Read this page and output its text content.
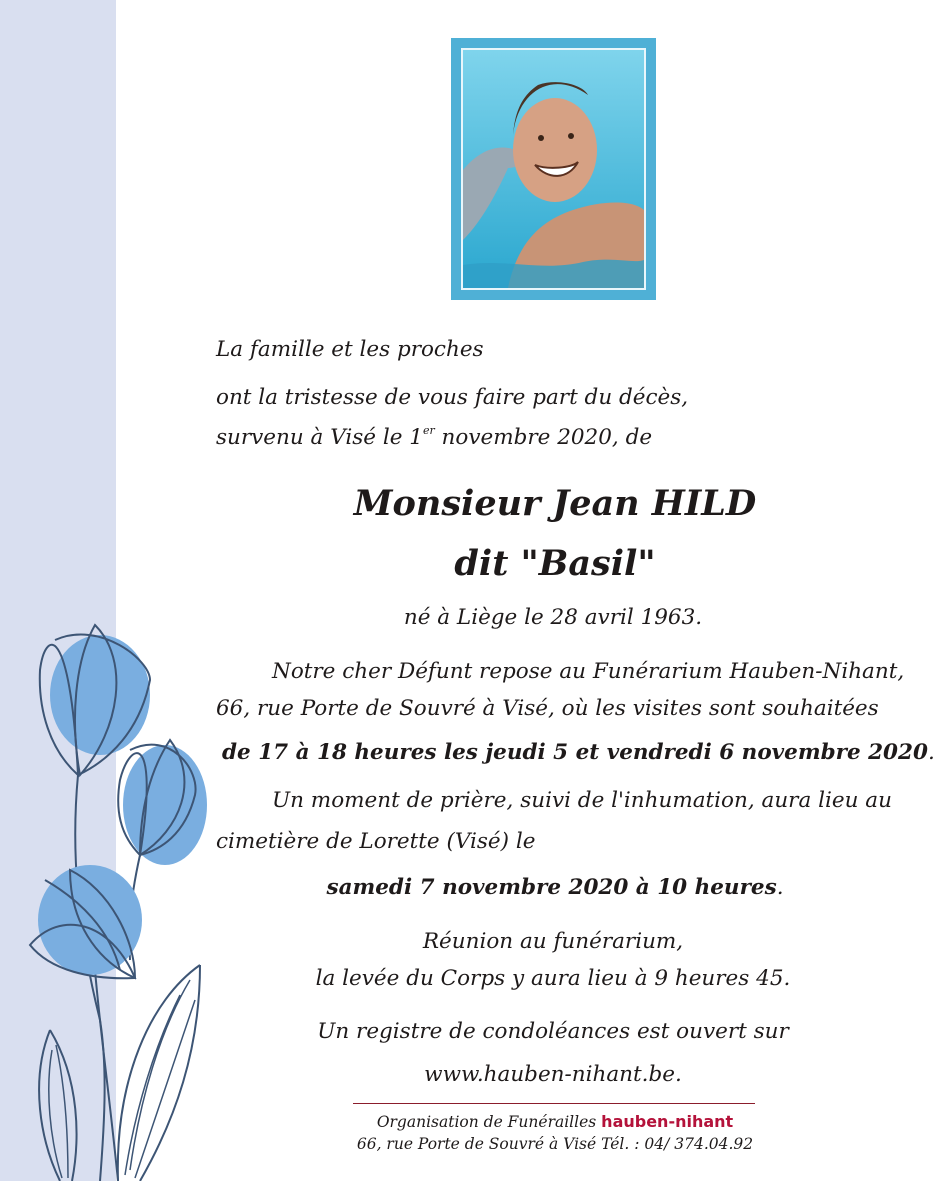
La famille et les proches
ont la tristesse de vous faire part du décès,
survenu à Visé le 1er novembre 2020, de
Monsieur Jean HILD
dit "Basil"
né à Liège le 28 avril 1963.
Notre cher Défunt repose au Funérarium Hauben-Nihant,
66, rue Porte de Souvré à Visé, où les visites sont souhaitées
de 17 à 18 heures les jeudi 5 et vendredi 6 novembre 2020.
Un moment de prière, suivi de l'inhumation, aura lieu au
cimetière de Lorette (Visé) le
samedi 7 novembre 2020 à 10 heures.
Réunion au funérarium,
la levée du Corps y aura lieu à 9 heures 45.
Un registre de condoléances est ouvert sur
www.hauben-nihant.be.
Organisation de Funérailles hauben-nihant
66, rue Porte de Souvré à Visé Tél. : 04/ 374.04.92
